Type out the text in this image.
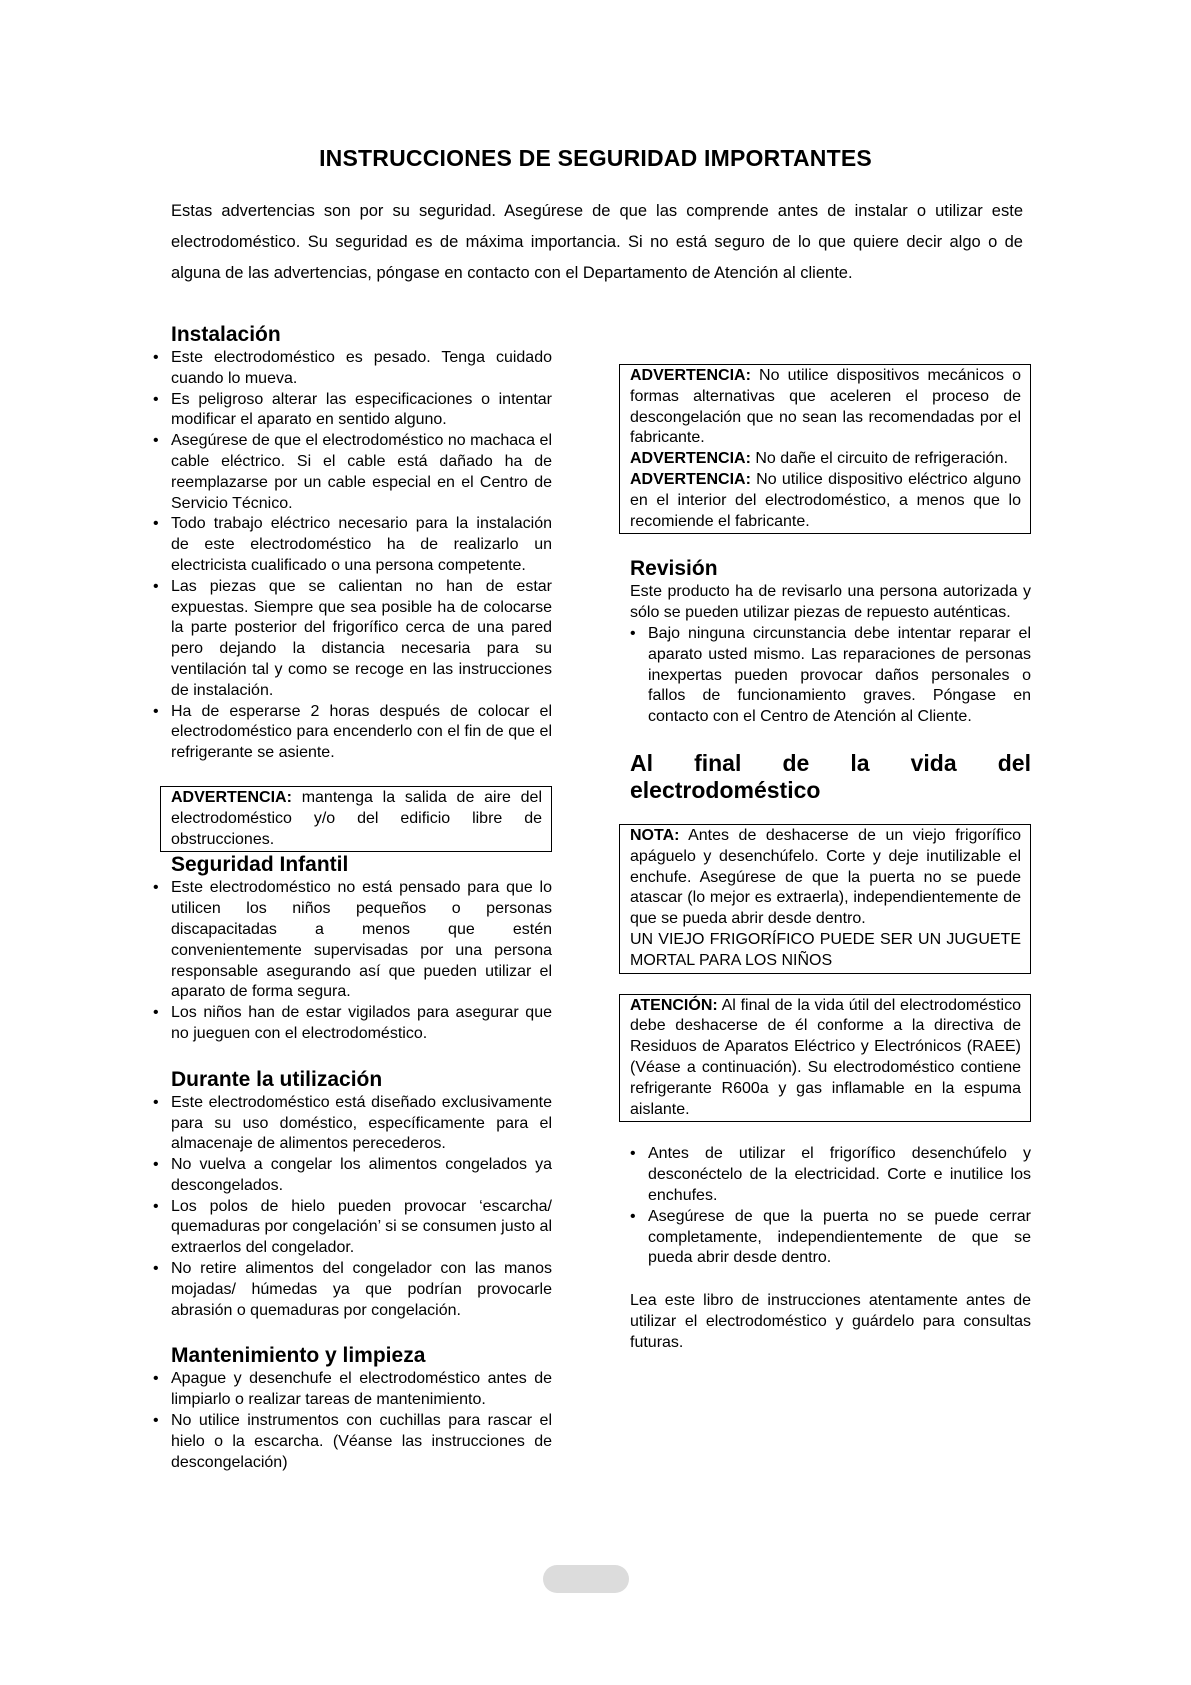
INSTRUCCIONES DE SEGURIDAD IMPORTANTES
Estas advertencias son por su seguridad. Asegúrese de que las comprende antes de instalar o utilizar este electrodoméstico. Su seguridad es de máxima importancia. Si no está seguro de lo que quiere decir algo o de alguna de las advertencias, póngase en contacto con el Departamento de Atención al cliente.
Instalación
• Este electrodoméstico es pesado. Tenga cuidado cuando lo mueva.
• Es peligroso alterar las especificaciones o intentar modificar el aparato en sentido alguno.
• Asegúrese de que el electrodoméstico no machaca el cable eléctrico. Si el cable está dañado ha de reemplazarse por un cable especial en el Centro de Servicio Técnico.
• Todo trabajo eléctrico necesario para la instalación de este electrodoméstico ha de realizarlo un electricista cualificado o una persona competente.
• Las piezas que se calientan no han de estar expuestas. Siempre que sea posible ha de colocarse la parte posterior del frigorífico cerca de una pared pero dejando la distancia necesaria para su ventilación tal y como se recoge en las instrucciones de instalación.
• Ha de esperarse 2 horas después de colocar el electrodoméstico para encenderlo con el fin de que el refrigerante se asiente.
ADVERTENCIA: mantenga la salida de aire del electrodoméstico y/o del edificio libre de obstrucciones.
Seguridad Infantil
• Este electrodoméstico no está pensado para que lo utilicen los niños pequeños o personas discapacitadas a menos que estén convenientemente supervisadas por una persona responsable asegurando así que pueden utilizar el aparato de forma segura.
• Los niños han de estar vigilados para asegurar que no jueguen con el electrodoméstico.
Durante la utilización
• Este electrodoméstico está diseñado exclusivamente para su uso doméstico, específicamente para el almacenaje de alimentos perecederos.
• No vuelva a congelar los alimentos congelados ya descongelados.
• Los polos de hielo pueden provocar ‘escarcha/ quemaduras por congelación’ si se consumen justo al extraerlos del congelador.
• No retire alimentos del congelador con las manos mojadas/ húmedas ya que podrían provocarle abrasión o quemaduras por congelación.
Mantenimiento y limpieza
• Apague y desenchufe el electrodoméstico antes de limpiarlo o realizar tareas de mantenimiento.
• No utilice instrumentos con cuchillas para rascar el hielo o la escarcha. (Véanse las instrucciones de descongelación)
ADVERTENCIA: No utilice dispositivos mecánicos o formas alternativas que aceleren el proceso de descongelación que no sean las recomendadas por el fabricante.
ADVERTENCIA: No dañe el circuito de refrigeración.
ADVERTENCIA: No utilice dispositivo eléctrico alguno en el interior del electrodoméstico, a menos que lo recomiende el fabricante.
Revisión
Este producto ha de revisarlo una persona autorizada y sólo se pueden utilizar piezas de repuesto auténticas.
• Bajo ninguna circunstancia debe intentar reparar el aparato usted mismo. Las reparaciones de personas inexpertas pueden provocar daños personales o fallos de funcionamiento graves. Póngase en contacto con el Centro de Atención al Cliente.
Al final de la vida del
electrodoméstico
NOTA: Antes de deshacerse de un viejo frigorífico apáguelo y desenchúfelo. Corte y deje inutilizable el enchufe. Asegúrese de que la puerta no se puede atascar (lo mejor es extraerla), independientemente de que se pueda abrir desde dentro.
UN VIEJO FRIGORÍFICO PUEDE SER UN JUGUETE MORTAL PARA LOS NIÑOS
ATENCIÓN: Al final de la vida útil del electrodoméstico debe deshacerse de él conforme a la directiva de Residuos de Aparatos Eléctrico y Electrónicos (RAEE) (Véase a continuación). Su electrodoméstico contiene refrigerante R600a y gas inflamable en la espuma aislante.
• Antes de utilizar el frigorífico desenchúfelo y desconéctelo de la electricidad. Corte e inutilice los enchufes.
• Asegúrese de que la puerta no se puede cerrar completamente, independientemente de que se pueda abrir desde dentro.
Lea este libro de instrucciones atentamente antes de utilizar el electrodoméstico y guárdelo para consultas futuras.
